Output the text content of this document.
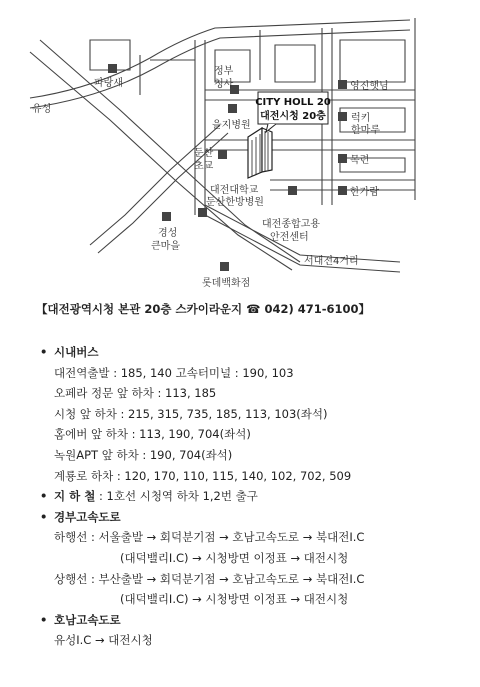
CITY HOLL 20
대전시청 20층
유성
파랑새
정부
청사	영진햇님
을지병원
럭키
한마루
둔산
초교
목련
대전대학교
둔산한방병원
한가람
대전종합고용
안전센터
경성
큰마을
서대전4거리
롯데백화점
【대전광역시청 본관 20층 스카이라운지 ☎ 042) 471-6100】
• 시내버스
대전역출발 : 185, 140 고속터미널 : 190, 103
오페라 정문 앞 하차 : 113, 185
시청 앞 하차 : 215, 315, 735, 185, 113, 103(좌석)
홈에버 앞 하차 : 113, 190, 704(좌석)
녹원APT 앞 하차 : 190, 704(좌석)
계룡로 하차 : 120, 170, 110, 115, 140, 102, 702, 509
• 지 하 철 : 1호선 시청역 하차 1,2번 출구
• 경부고속도로
하행선 : 서울출발 → 회덕분기점 → 호남고속도로 → 북대전I.C
(대덕밸리I.C) → 시청방면 이정표 → 대전시청
상행선 : 부산출발 → 회덕분기점 → 호남고속도로 → 북대전I.C
(대덕밸리I.C) → 시청방면 이정표 → 대전시청
• 호남고속도로
유성I.C → 대전시청
